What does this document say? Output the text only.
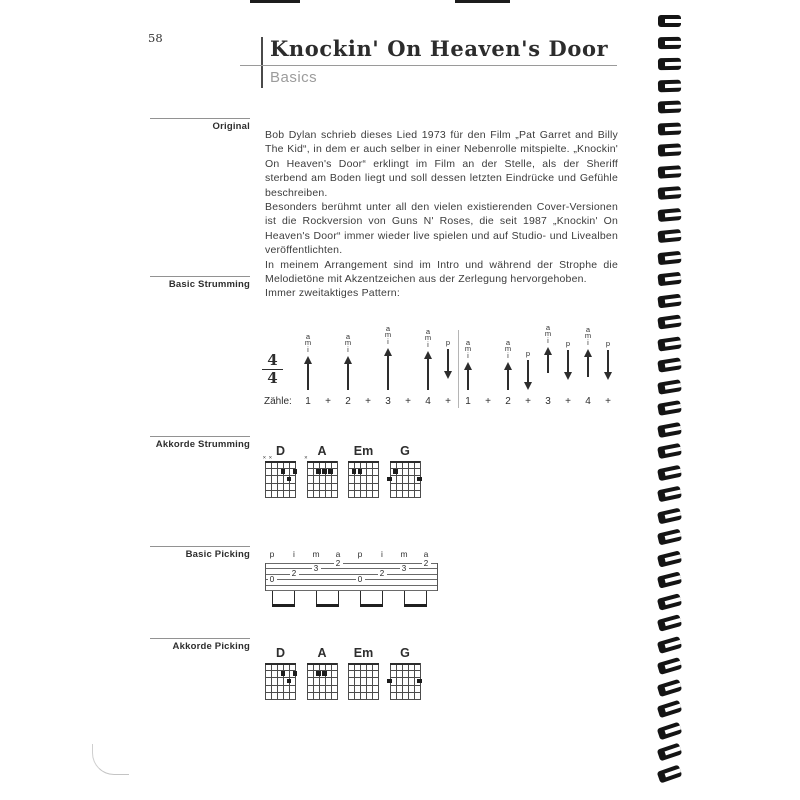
58	Knockin' On Heaven's Door
Basics
Original
Basic Strumming
Akkorde Strumming
Basic Picking
Akkorde Picking

Bob Dylan schrieb dieses Lied 1973 für den Film „Pat Garret and Billy The Kid“, in dem er auch selber in einer Nebenrolle mitspielte. „Knockin' On Heaven's Door“ erklingt im Film an der Stelle, als der Sheriff sterbend am Boden liegt und soll dessen letzten Eindrücke und Gefühle beschreiben.

Besonders berühmt unter all den vielen existierenden Cover-Versionen ist die Rockversion von Guns N' Roses, die seit 1987 „Knockin' On Heaven's Door“ immer wieder live spielen und auf Studio- und Livealben veröffentlichten.

In meinem Arrangement sind im Intro und während der Strophe die Melodietöne mit Akzentzeichen aus der Zerlegung hervorgehoben.

Immer zweitaktiges Pattern:
4
4
Zähle:
a
m
i
1	+
a
m
i
2	+
a
m
i
3	+
a
m
i
4
p
+
a
m
i
1	+
a
m
i
2
p
+
a
m
i
3
p
+
a
m
i
4
p
+
D
✕ ✕	A
✕	Em	G
p	i	m	a	p	i	m	a
0
2
3
2
0
2
3
2
D	A	Em	G
